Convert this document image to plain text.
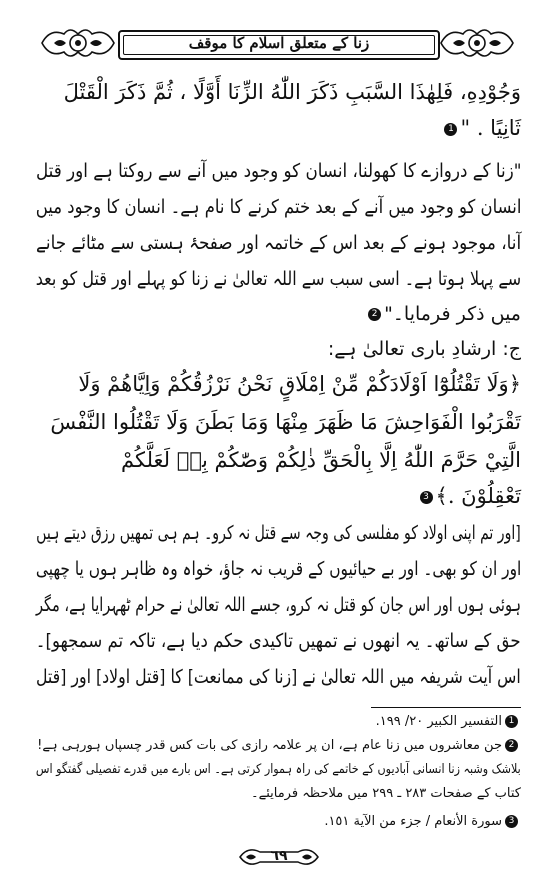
زنا کے متعلق اسلام کا موقف
وَجُوْدِهِ، فَلِهٰذَا السَّبَبِ ذَكَرَ اللّٰهُ الزِّنَا أَوَّلًا ، ثُمَّ ذَكَرَ الْقَتْلَ
ثَانِيًا . "1
"زنا کے دروازے کا کھولنا، انسان کو وجود میں آنے سے روکتا ہے اور قتل
انسان کو وجود میں آنے کے بعد ختم کرنے کا نام ہے۔ انسان کا وجود میں
آنا، موجود ہونے کے بعد اس کے خاتمہ اور صفحۂ ہستی سے مٹائے جانے
سے پہلا ہوتا ہے۔ اسی سبب سے اللہ تعالیٰ نے زنا کو پہلے اور قتل کو بعد
میں ذکر فرمایا۔"2
ج: ارشادِ باری تعالیٰ ہے:
﴿وَلَا تَقْتُلُوْٓا اَوْلَادَكُمْ مِّنْ اِمْلَاقٍ نَحْنُ نَرْزُقُكُمْ وَاِيَّاهُمْ وَلَا
تَقْرَبُوا الْفَوَاحِشَ مَا ظَهَرَ مِنْهَا وَمَا بَطَنَ وَلَا تَقْتُلُوا النَّفْسَ
الَّتِيْ حَرَّمَ اللّٰهُ اِلَّا بِالْحَقِّ ذٰلِكُمْ وَصّٰكُمْ بِهٖ لَعَلَّكُمْ
تَعْقِلُوْنَ .﴾3
[اور تم اپنی اولاد کو مفلسی کی وجہ سے قتل نہ کرو۔ ہم ہی تمھیں رزق دیتے ہیں
اور ان کو بھی۔ اور بے حیائیوں کے قریب نہ جاؤ، خواہ وہ ظاہر ہوں یا چھپی
ہوئی ہوں اور اس جان کو قتل نہ کرو، جسے اللہ تعالیٰ نے حرام ٹھہرایا ہے، مگر
حق کے ساتھ۔ یہ انھوں نے تمھیں تاکیدی حکم دیا ہے، تاکہ تم سمجھو]۔
اس آیت شریفہ میں اللہ تعالیٰ نے [زنا کی ممانعت] کا [قتل اولاد] اور [قتل
1التفسير الكبير ٢٠/ ١٩٩.
2جن معاشروں میں زنا عام ہے، ان پر علامہ رازی کی بات کس قدر چسپاں ہورہی ہے!
بلاشک وشبہ زنا انسانی آبادیوں کے خاتمے کی راہ ہموار کرتی ہے۔ اس بارے میں قدرے تفصیلی گفتگو اس
کتاب کے صفحات ٢٨٣ ـ ٢٩٩ میں ملاحظہ فرمایئے۔
3سورة الأنعام / جزء من الآية ١٥١.
٦٩
